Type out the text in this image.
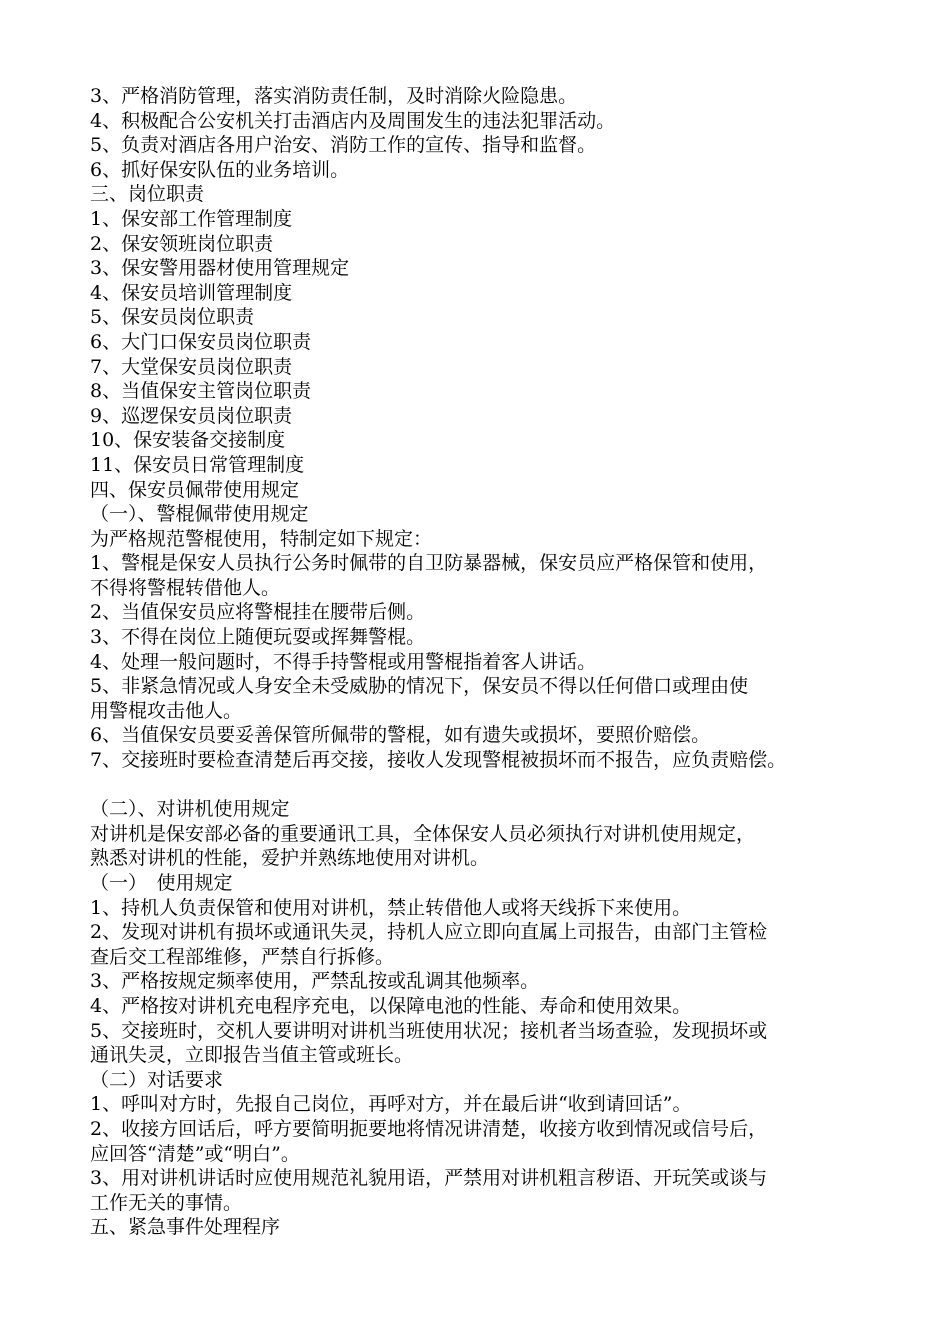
3、严格消防管理，落实消防责任制，及时消除火险隐患。
4、积极配合公安机关打击酒店内及周围发生的违法犯罪活动。
5、负责对酒店各用户治安、消防工作的宣传、指导和监督。
6、抓好保安队伍的业务培训。
三、岗位职责
1、保安部工作管理制度
2、保安领班岗位职责
3、保安警用器材使用管理规定
4、保安员培训管理制度
5、保安员岗位职责
6、大门口保安员岗位职责
7、大堂保安员岗位职责
8、当值保安主管岗位职责
9、巡逻保安员岗位职责
10、保安装备交接制度
11、保安员日常管理制度
四、保安员佩带使用规定
（一）、警棍佩带使用规定
为严格规范警棍使用，特制定如下规定：
1、警棍是保安人员执行公务时佩带的自卫防暴器械，保安员应严格保管和使用，
不得将警棍转借他人。
2、当值保安员应将警棍挂在腰带后侧。
3、不得在岗位上随便玩耍或挥舞警棍。
4、处理一般问题时，不得手持警棍或用警棍指着客人讲话。
5、非紧急情况或人身安全未受威胁的情况下，保安员不得以任何借口或理由使
用警棍攻击他人。
6、当值保安员要妥善保管所佩带的警棍，如有遗失或损坏，要照价赔偿。
7、交接班时要检查清楚后再交接，接收人发现警棍被损坏而不报告，应负责赔偿。
（二）、对讲机使用规定
对讲机是保安部必备的重要通讯工具，全体保安人员必须执行对讲机使用规定，
熟悉对讲机的性能，爱护并熟练地使用对讲机。
（一）　使用规定
1、持机人负责保管和使用对讲机，禁止转借他人或将天线拆下来使用。
2、发现对讲机有损坏或通讯失灵，持机人应立即向直属上司报告，由部门主管检
查后交工程部维修，严禁自行拆修。
3、严格按规定频率使用，严禁乱按或乱调其他频率。
4、严格按对讲机充电程序充电，以保障电池的性能、寿命和使用效果。
5、交接班时，交机人要讲明对讲机当班使用状况；接机者当场查验，发现损坏或
通讯失灵，立即报告当值主管或班长。
（二）对话要求
1、呼叫对方时，先报自己岗位，再呼对方，并在最后讲“收到请回话”。
2、收接方回话后，呼方要简明扼要地将情况讲清楚，收接方收到情况或信号后，
应回答“清楚”或“明白”。
3、用对讲机讲话时应使用规范礼貌用语，严禁用对讲机粗言秽语、开玩笑或谈与
工作无关的事情。
五、紧急事件处理程序
